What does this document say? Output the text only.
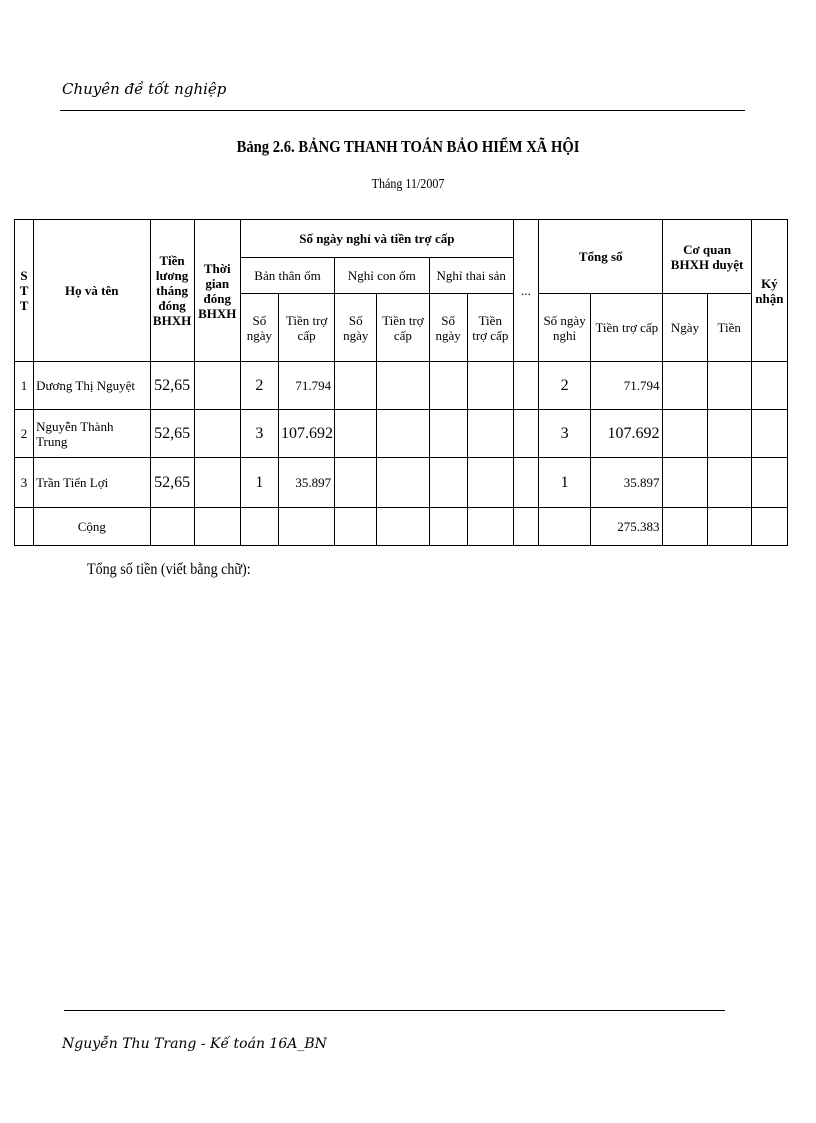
Chuyên đề tốt nghiệp
Bảng 2.6. BẢNG THANH TOÁN BẢO HIỂM XÃ HỘI
Tháng 11/2007
S T T	Họ và tên	Tiền lương tháng đóng BHXH	Thời gian đóng BHXH	Số ngày nghỉ và tiền trợ cấp						...	Tổng số		Cơ quan BHXH duyệt		Ký nhận
				Bản thân ốm		Nghỉ con ốm		Nghỉ thai sản							
				Số ngày	Tiền trợ cấp	Số ngày	Tiền trợ cấp	Số ngày	Tiền trợ cấp		Số ngày nghỉ	Tiền trợ cấp	Ngày	Tiền	
1	Dương Thị Nguyệt	52,65		2	71.794						2	71.794			
2	Nguyễn Thành Trung	52,65		3	107.692						3	107.692			
3	Trần Tiến Lợi	52,65		1	35.897						1	35.897			
	Cộng											275.383			
Tổng số tiền (viết bằng chữ):
Nguyễn Thu Trang - Kế toán 16A_BN
